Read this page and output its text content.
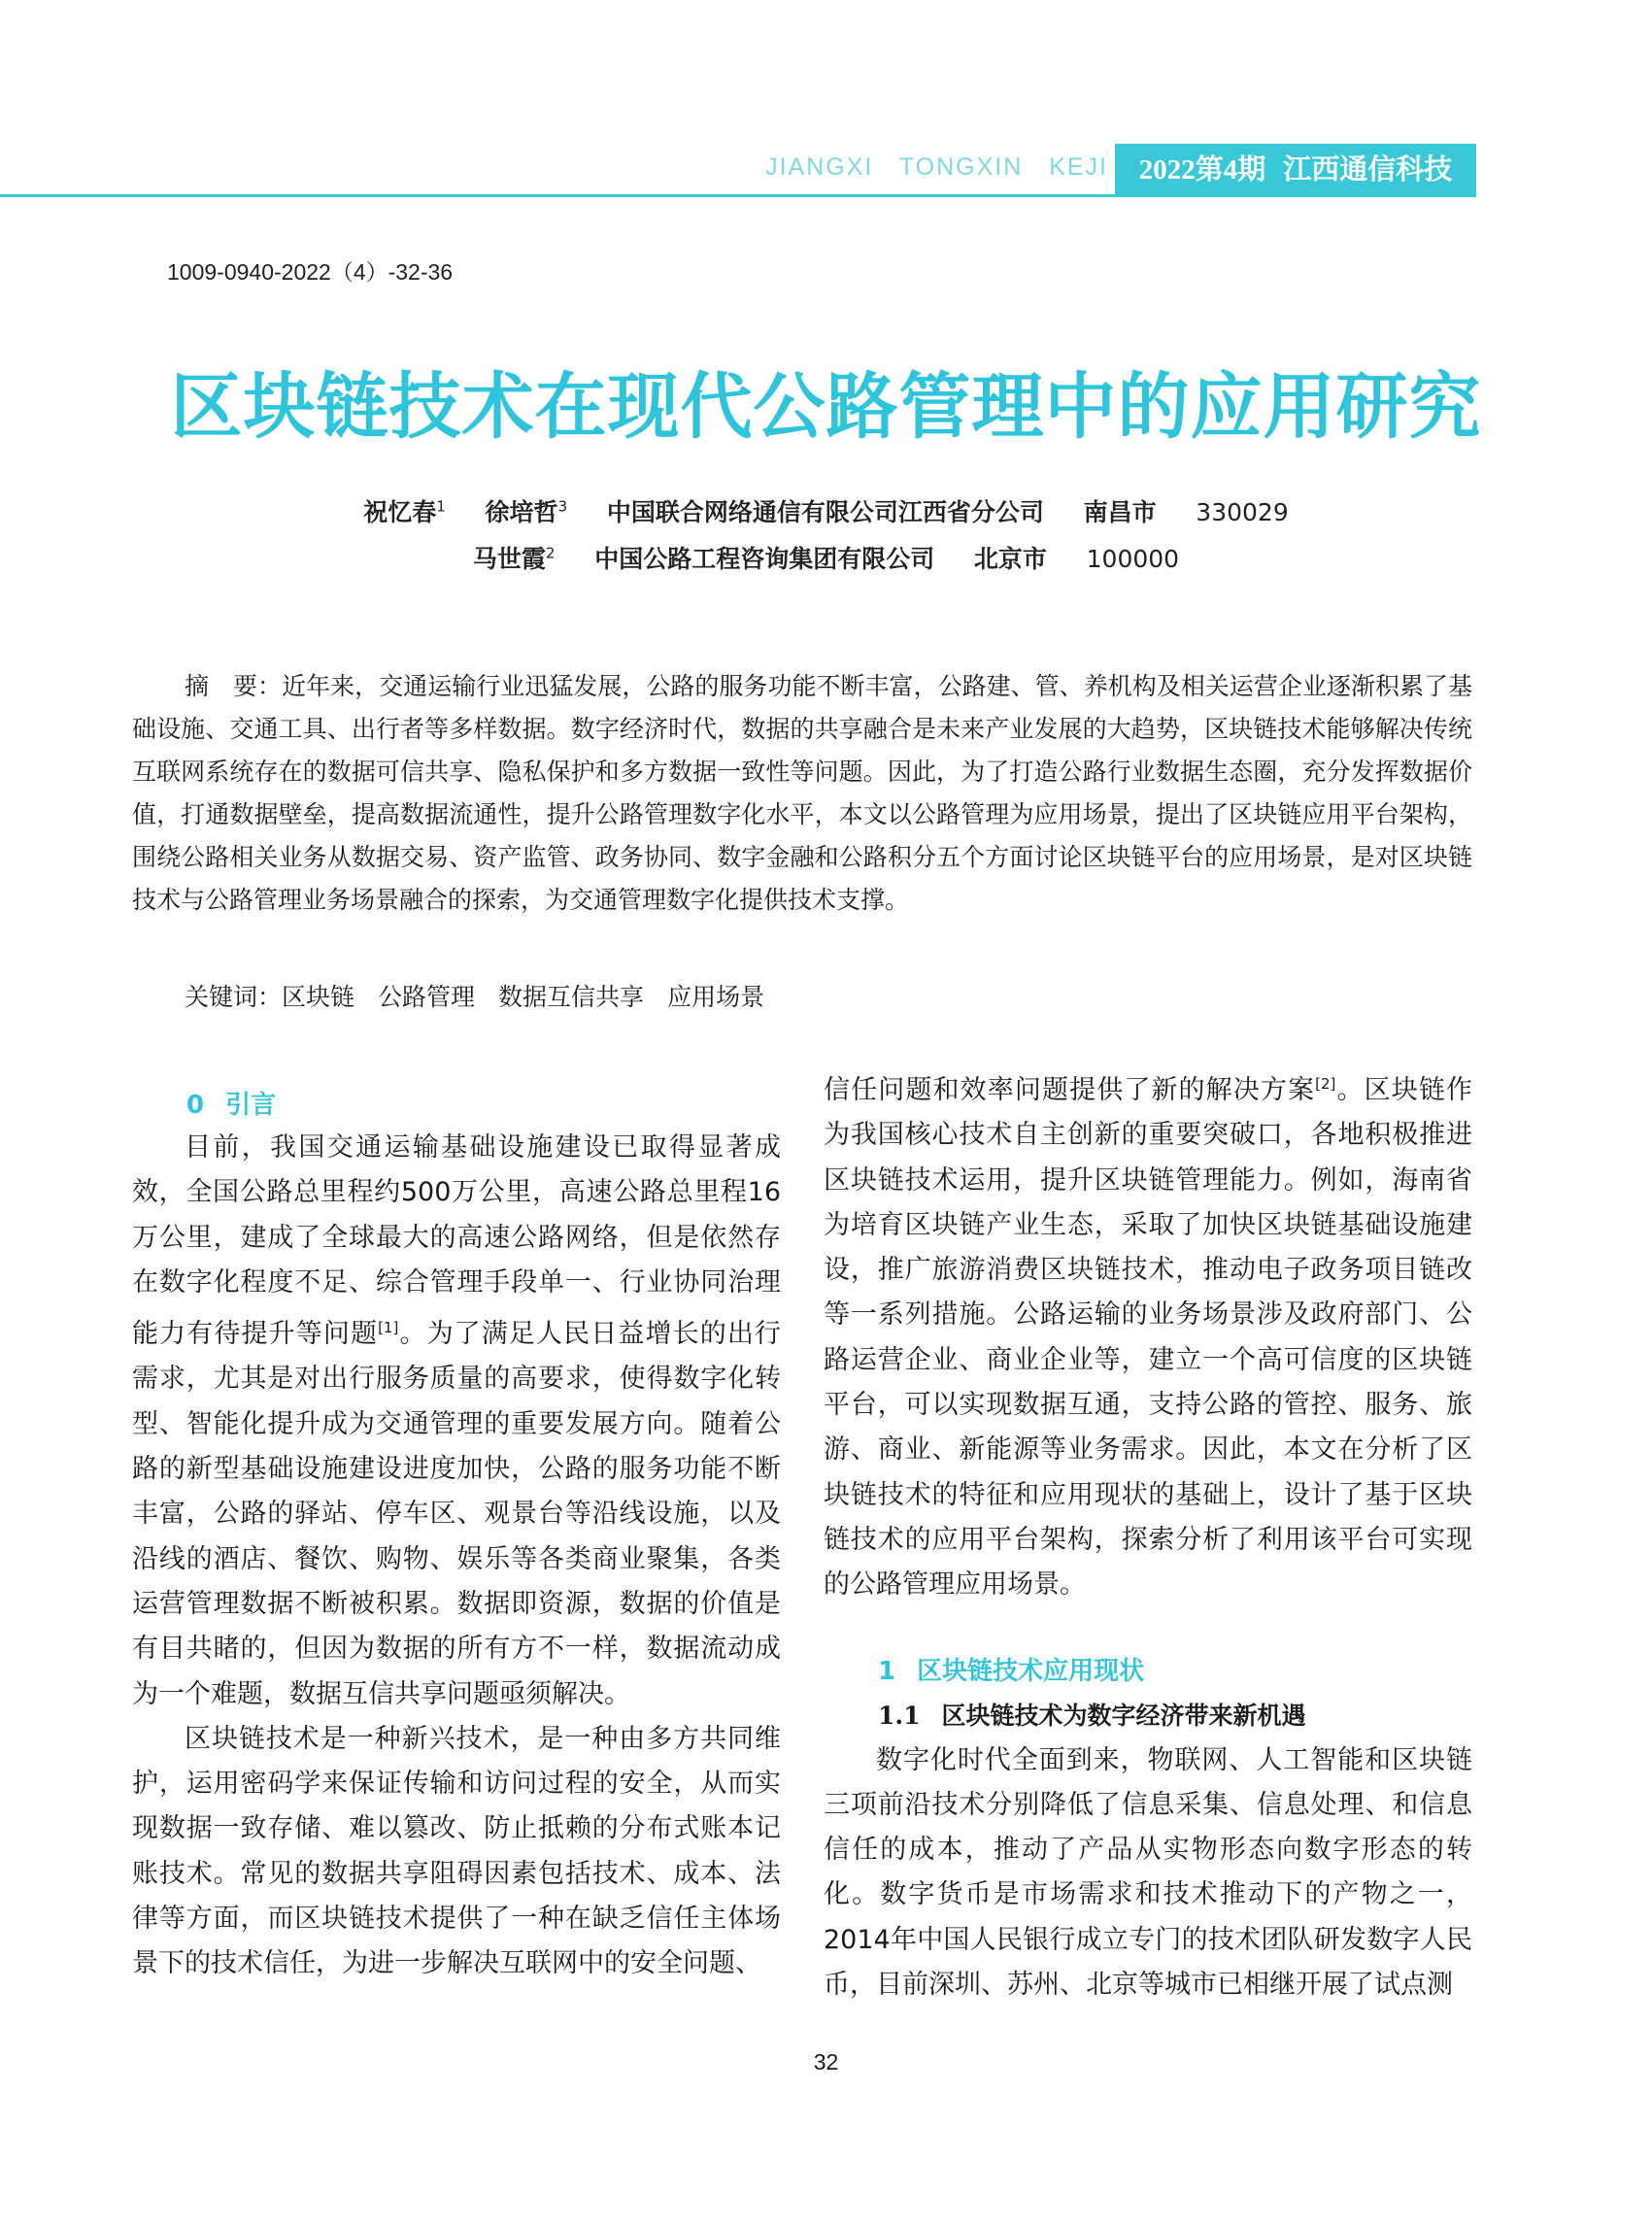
JIANGXI TONGXIN KEJI	2022第4期 江西通信科技
1009-0940-2022（4）-32-36
区块链技术在现代公路管理中的应用研究
祝忆春$^1$ 徐培哲$^3$ 中国联合网络通信有限公司江西省分公司 南昌市 330029
马世霞$^2$ 中国公路工程咨询集团有限公司 北京市 100000

摘　要：近年来，交通运输行业迅猛发展，公路的服务功能不断丰富，公路建、管、养机构及相关运营企业逐渐积累了基础设施、交通工具、出行者等多样数据。数字经济时代，数据的共享融合是未来产业发展的大趋势，区块链技术能够解决传统互联网系统存在的数据可信共享、隐私保护和多方数据一致性等问题。因此，为了打造公路行业数据生态圈，充分发挥数据价值，打通数据壁垒，提高数据流通性，提升公路管理数字化水平，本文以公路管理为应用场景，提出了区块链应用平台架构，围绕公路相关业务从数据交易、资产监管、政务协同、数字金融和公路积分五个方面讨论区块链平台的应用场景，是对区块链技术与公路管理业务场景融合的探索，为交通管理数字化提供技术支撑。

关键词：区块链 公路管理 数据互信共享 应用场景
0 引言

目前，我国交通运输基础设施建设已取得显著成效，全国公路总里程约500万公里，高速公路总里程16万公里，建成了全球最大的高速公路网络，但是依然存在数字化程度不足、综合管理手段单一、行业协同治理能力有待提升等问题[1]。为了满足人民日益增长的出行需求，尤其是对出行服务质量的高要求，使得数字化转型、智能化提升成为交通管理的重要发展方向。随着公路的新型基础设施建设进度加快，公路的服务功能不断丰富，公路的驿站、停车区、观景台等沿线设施，以及沿线的酒店、餐饮、购物、娱乐等各类商业聚集，各类运营管理数据不断被积累。数据即资源，数据的价值是有目共睹的，但因为数据的所有方不一样，数据流动成为一个难题，数据互信共享问题亟须解决。

区块链技术是一种新兴技术，是一种由多方共同维护，运用密码学来保证传输和访问过程的安全，从而实现数据一致存储、难以篡改、防止抵赖的分布式账本记账技术。常见的数据共享阻碍因素包括技术、成本、法律等方面，而区块链技术提供了一种在缺乏信任主体场景下的技术信任，为进一步解决互联网中的安全问题、

信任问题和效率问题提供了新的解决方案[2]。区块链作为我国核心技术自主创新的重要突破口，各地积极推进区块链技术运用，提升区块链管理能力。例如，海南省为培育区块链产业生态，采取了加快区块链基础设施建设，推广旅游消费区块链技术，推动电子政务项目链改等一系列措施。公路运输的业务场景涉及政府部门、公路运营企业、商业企业等，建立一个高可信度的区块链平台，可以实现数据互通，支持公路的管控、服务、旅游、商业、新能源等业务需求。因此，本文在分析了区块链技术的特征和应用现状的基础上，设计了基于区块链技术的应用平台架构，探索分析了利用该平台可实现的公路管理应用场景。

1 区块链技术应用现状
1.1 区块链技术为数字经济带来新机遇

数字化时代全面到来，物联网、人工智能和区块链三项前沿技术分别降低了信息采集、信息处理、和信息信任的成本，推动了产品从实物形态向数字形态的转化。数字货币是市场需求和技术推动下的产物之一，2014年中国人民银行成立专门的技术团队研发数字人民币，目前深圳、苏州、北京等城市已相继开展了试点测

32
